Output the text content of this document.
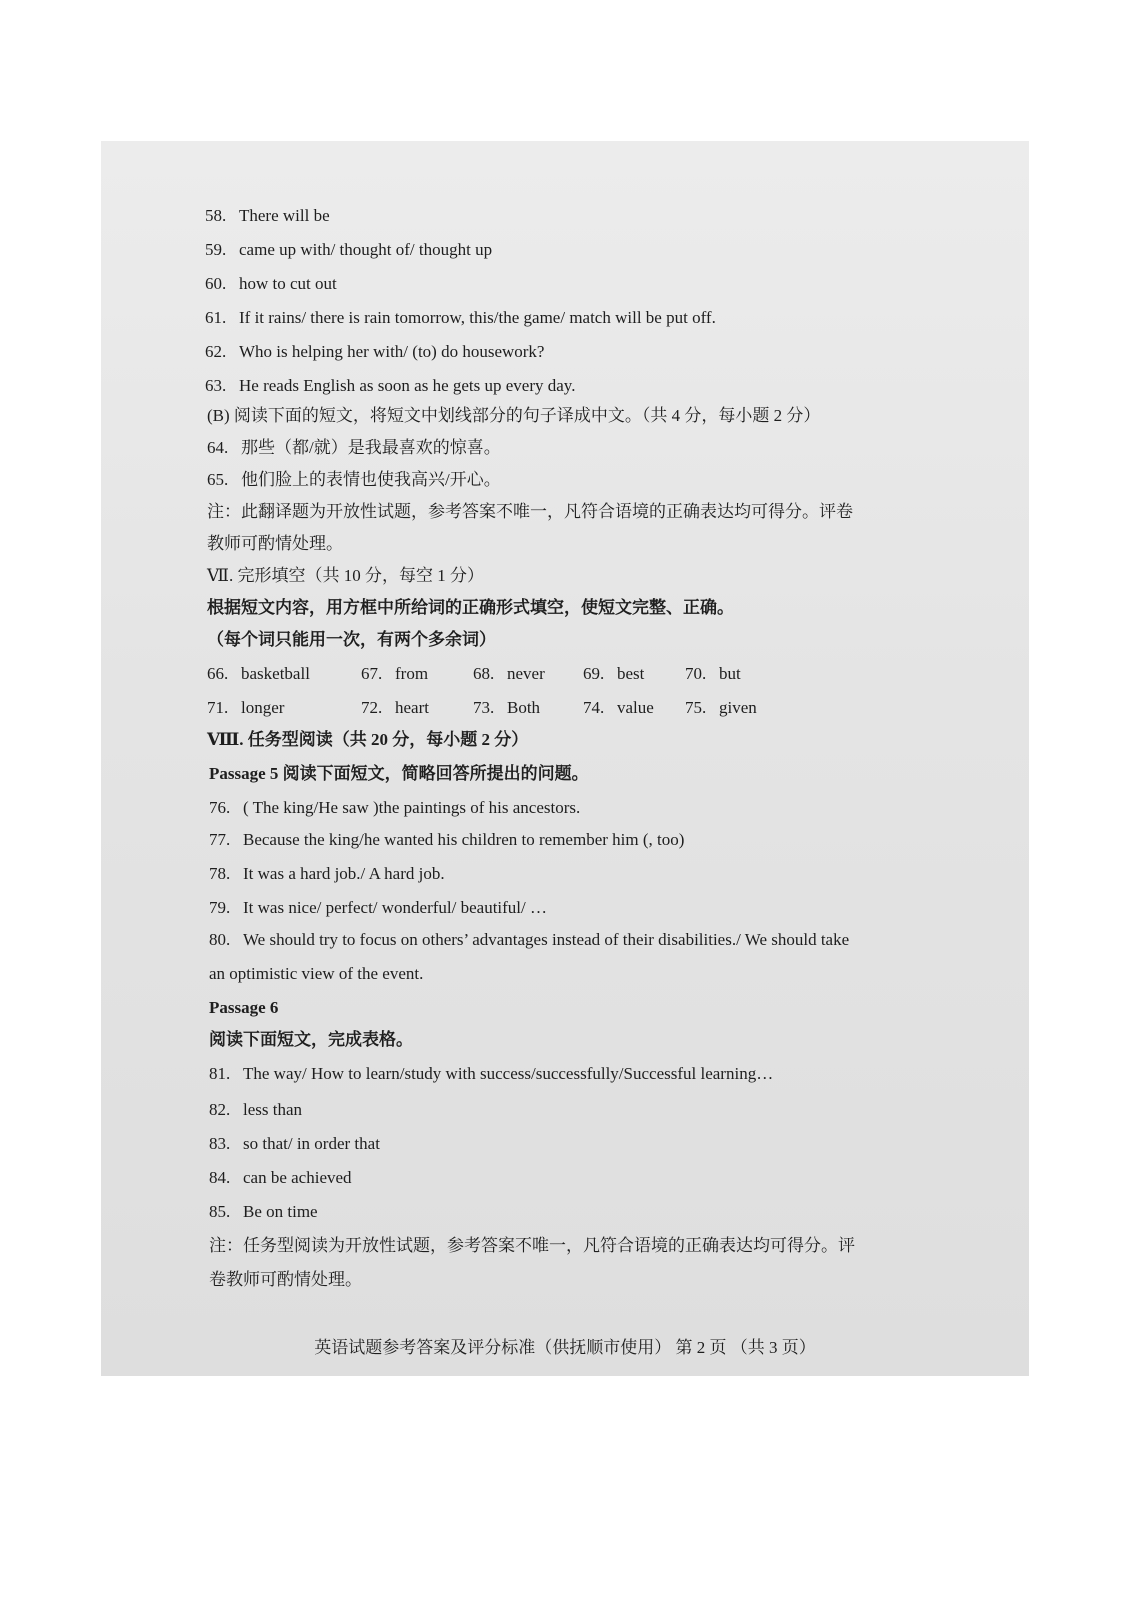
58. There will be
59. came up with/ thought of/ thought up
60. how to cut out
61. If it rains/ there is rain tomorrow, this/the game/ match will be put off.
62. Who is helping her with/ (to) do housework?
63. He reads English as soon as he gets up every day.
(B) 阅读下面的短文，将短文中划线部分的句子译成中文。（共 4 分，每小题 2 分）
64. 那些（都/就）是我最喜欢的惊喜。
65. 他们脸上的表情也使我高兴/开心。
注：此翻译题为开放性试题，参考答案不唯一，凡符合语境的正确表达均可得分。评卷
教师可酌情处理。
Ⅶ. 完形填空（共 10 分，每空 1 分）
根据短文内容，用方框中所给词的正确形式填空，使短文完整、正确。
（每个词只能用一次，有两个多余词）
66. basketball	67. from	68. never 69. best 70. but
71. longer	72. heart	73. Both	74. value 75. given
Ⅷ. 任务型阅读（共 20 分，每小题 2 分）
Passage 5 阅读下面短文，简略回答所提出的问题。
76. ( The king/He saw )the paintings of his ancestors.
77. Because the king/he wanted his children to remember him (, too)
78. It was a hard job./ A hard job.
79. It was nice/ perfect/ wonderful/ beautiful/ …
80. We should try to focus on others’ advantages instead of their disabilities./ We should take
an optimistic view of the event.
Passage 6
阅读下面短文，完成表格。
81. The way/ How to learn/study with success/successfully/Successful learning…
82. less than
83. so that/ in order that
84. can be achieved
85. Be on time
注：任务型阅读为开放性试题，参考答案不唯一，凡符合语境的正确表达均可得分。评
卷教师可酌情处理。
英语试题参考答案及评分标准（供抚顺市使用） 第 2 页 （共 3 页）
